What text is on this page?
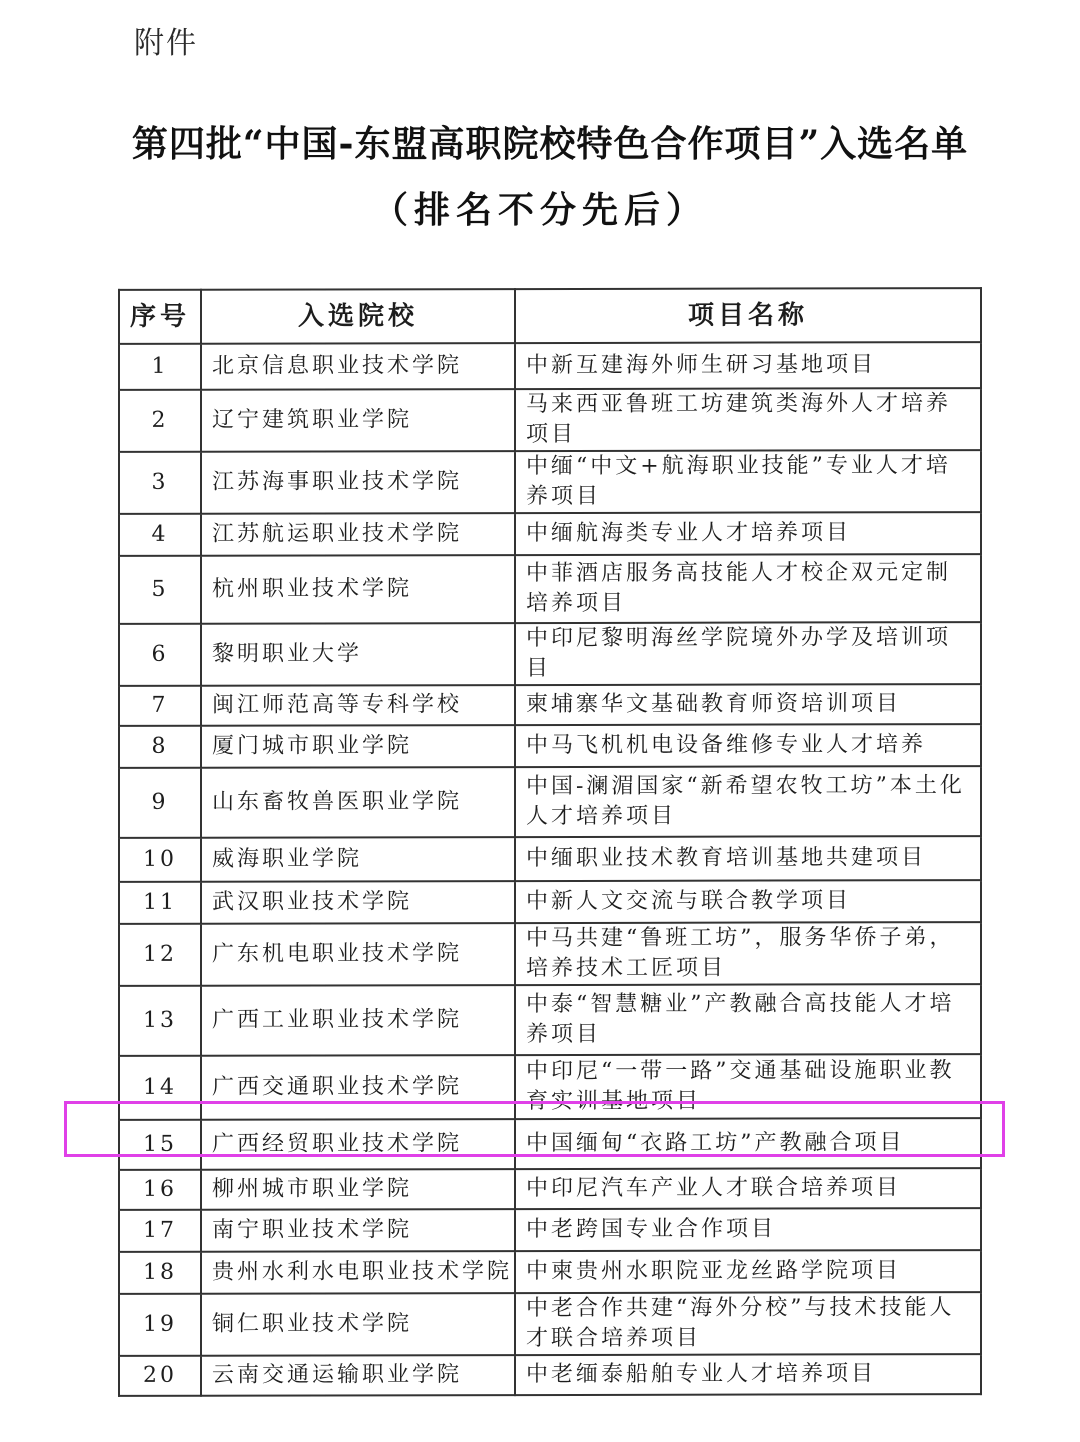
附件
第四批“中国-东盟高职院校特色合作项目”入选名单
（排名不分先后）
序号	入选院校	项目名称
1	北京信息职业技术学院	中新互建海外师生研习基地项目
2	辽宁建筑职业学院	马来西亚鲁班工坊建筑类海外人才培养项目
3	江苏海事职业技术学院	中缅“中文+航海职业技能”专业人才培养项目
4	江苏航运职业技术学院	中缅航海类专业人才培养项目
5	杭州职业技术学院	中菲酒店服务高技能人才校企双元定制培养项目
6	黎明职业大学	中印尼黎明海丝学院境外办学及培训项目
7	闽江师范高等专科学校	柬埔寨华文基础教育师资培训项目
8	厦门城市职业学院	中马飞机机电设备维修专业人才培养
9	山东畜牧兽医职业学院	中国-澜湄国家“新希望农牧工坊”本土化人才培养项目
10	威海职业学院	中缅职业技术教育培训基地共建项目
11	武汉职业技术学院	中新人文交流与联合教学项目
12	广东机电职业技术学院	中马共建“鲁班工坊”，服务华侨子弟，培养技术工匠项目
13	广西工业职业技术学院	中泰“智慧糖业”产教融合高技能人才培养项目
14	广西交通职业技术学院	中印尼“一带一路”交通基础设施职业教育实训基地项目
15	广西经贸职业技术学院	中国缅甸“衣路工坊”产教融合项目
16	柳州城市职业学院	中印尼汽车产业人才联合培养项目
17	南宁职业技术学院	中老跨国专业合作项目
18	贵州水利水电职业技术学院	中柬贵州水职院亚龙丝路学院项目
19	铜仁职业技术学院	中老合作共建“海外分校”与技术技能人才联合培养项目
20	云南交通运输职业学院	中老缅泰船舶专业人才培养项目
